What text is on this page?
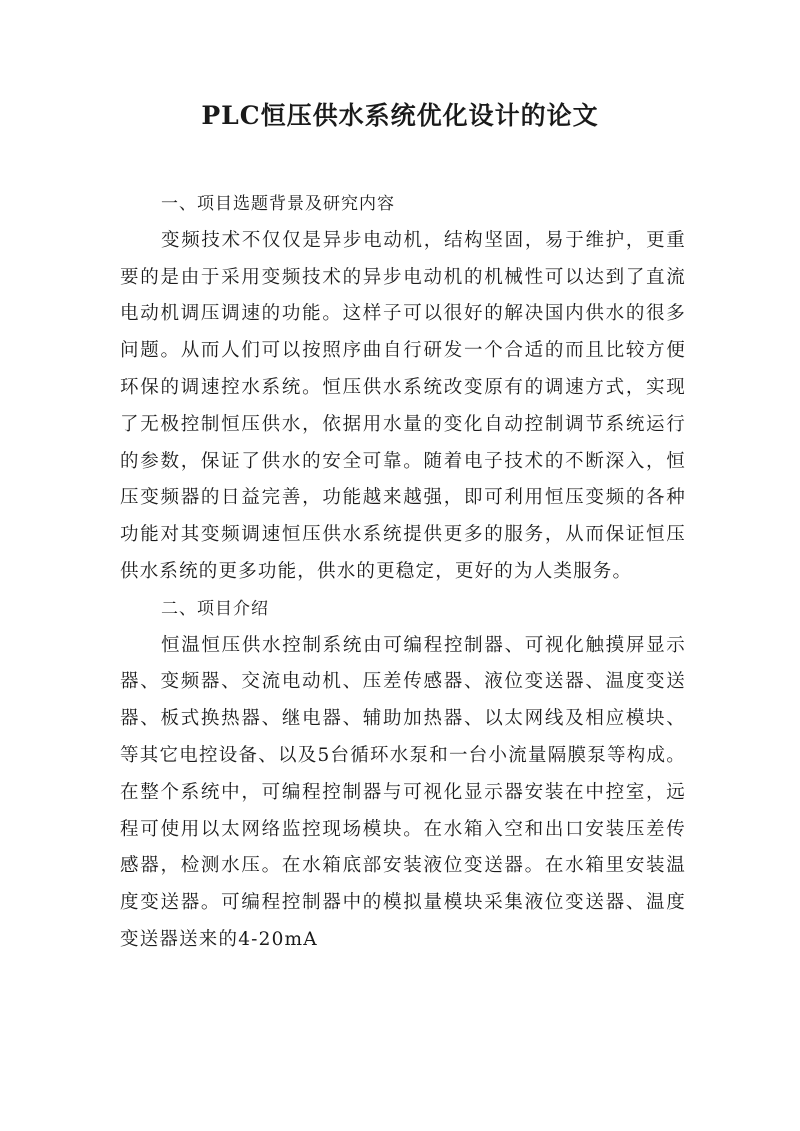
PLC恒压供水系统优化设计的论文

一、项目选题背景及研究内容

变频技术不仅仅是异步电动机，结构坚固，易于维护，更重要的是由于采用变频技术的异步电动机的机械性可以达到了直流电动机调压调速的功能。这样子可以很好的解决国内供水的很多问题。从而人们可以按照序曲自行研发一个合适的而且比较方便环保的调速控水系统。恒压供水系统改变原有的调速方式，实现了无极控制恒压供水，依据用水量的变化自动控制调节系统运行的参数，保证了供水的安全可靠。随着电子技术的不断深入，恒压变频器的日益完善，功能越来越强，即可利用恒压变频的各种功能对其变频调速恒压供水系统提供更多的服务，从而保证恒压供水系统的更多功能，供水的更稳定，更好的为人类服务。

二、项目介绍

恒温恒压供水控制系统由可编程控制器、可视化触摸屏显示器、变频器、交流电动机、压差传感器、液位变送器、温度变送器、板式换热器、继电器、辅助加热器、以太网线及相应模块、等其它电控设备、以及5台循环水泵和一台小流量隔膜泵等构成。在整个系统中，可编程控制器与可视化显示器安装在中控室，远程可使用以太网络监控现场模块。在水箱入空和出口安装压差传感器，检测水压。在水箱底部安装液位变送器。在水箱里安装温度变送器。可编程控制器中的模拟量模块采集液位变送器、温度变送器送来的4-20mA
